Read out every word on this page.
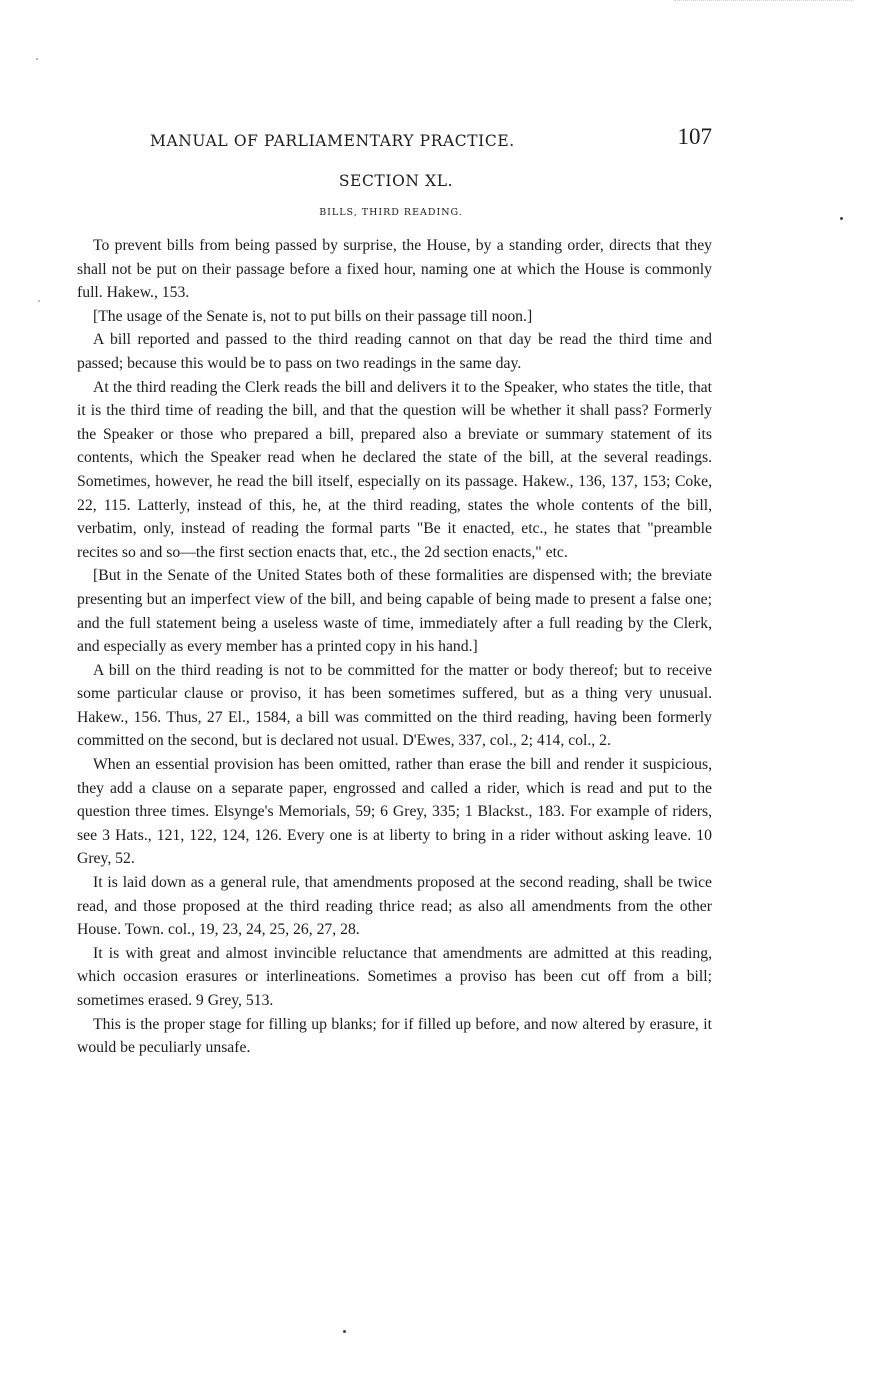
MANUAL OF PARLIAMENTARY PRACTICE.	107
SECTION XL.
BILLS, THIRD READING.

To prevent bills from being passed by surprise, the House, by a standing order, directs that they shall not be put on their passage before a fixed hour, naming one at which the House is commonly full. Hakew., 153.

[The usage of the Senate is, not to put bills on their passage till noon.]

A bill reported and passed to the third reading cannot on that day be read the third time and passed; because this would be to pass on two readings in the same day.

At the third reading the Clerk reads the bill and delivers it to the Speaker, who states the title, that it is the third time of reading the bill, and that the question will be whether it shall pass? Formerly the Speaker or those who prepared a bill, prepared also a breviate or summary statement of its contents, which the Speaker read when he declared the state of the bill, at the several readings. Sometimes, however, he read the bill itself, especially on its passage. Hakew., 136, 137, 153; Coke, 22, 115. Latterly, instead of this, he, at the third reading, states the whole contents of the bill, verbatim, only, instead of reading the formal parts "Be it enacted, etc., he states that "preamble recites so and so—the first section enacts that, etc., the 2d section enacts," etc.

[But in the Senate of the United States both of these formalities are dispensed with; the breviate presenting but an imperfect view of the bill, and being capable of being made to present a false one; and the full statement being a useless waste of time, immediately after a full reading by the Clerk, and especially as every member has a printed copy in his hand.]

A bill on the third reading is not to be committed for the matter or body thereof; but to receive some particular clause or proviso, it has been sometimes suffered, but as a thing very unusual. Hakew., 156. Thus, 27 El., 1584, a bill was committed on the third reading, having been formerly committed on the second, but is declared not usual. D'Ewes, 337, col., 2; 414, col., 2.

When an essential provision has been omitted, rather than erase the bill and render it suspicious, they add a clause on a separate paper, engrossed and called a rider, which is read and put to the question three times. Elsynge's Memorials, 59; 6 Grey, 335; 1 Blackst., 183. For example of riders, see 3 Hats., 121, 122, 124, 126. Every one is at liberty to bring in a rider without asking leave. 10 Grey, 52.

It is laid down as a general rule, that amendments proposed at the second reading, shall be twice read, and those proposed at the third reading thrice read; as also all amendments from the other House. Town. col., 19, 23, 24, 25, 26, 27, 28.

It is with great and almost invincible reluctance that amendments are admitted at this reading, which occasion erasures or interlineations. Sometimes a proviso has been cut off from a bill; sometimes erased. 9 Grey, 513.

This is the proper stage for filling up blanks; for if filled up before, and now altered by erasure, it would be peculiarly unsafe.
